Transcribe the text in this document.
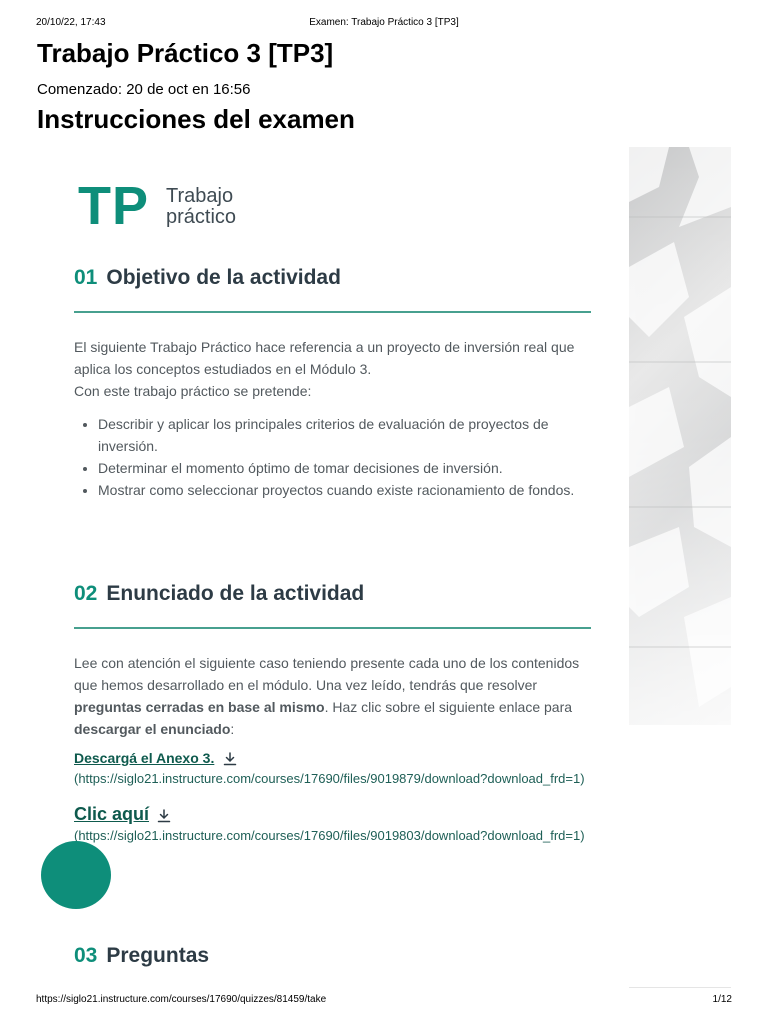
20/10/22, 17:43	Examen: Trabajo Práctico 3 [TP3]
Trabajo Práctico 3 [TP3]
Comenzado: 20 de oct en 16:56
Instrucciones del examen
TP Trabajo
práctico
01 Objetivo de la actividad
El siguiente Trabajo Práctico hace referencia a un proyecto de inversión real que aplica los conceptos estudiados en el Módulo 3.
Con este trabajo práctico se pretende:
• Describir y aplicar los principales criterios de evaluación de proyectos de inversión.
• Determinar el momento óptimo de tomar decisiones de inversión.
• Mostrar como seleccionar proyectos cuando existe racionamiento de fondos.
02 Enunciado de la actividad
Lee con atención el siguiente caso teniendo presente cada uno de los contenidos que hemos desarrollado en el módulo. Una vez leído, tendrás que resolver preguntas cerradas en base al mismo. Haz clic sobre el siguiente enlace para descargar el enunciado:
Descargá el Anexo 3.
(https://siglo21.instructure.com/courses/17690/files/9019879/download?download_frd=1)
Clic aquí
(https://siglo21.instructure.com/courses/17690/files/9019803/download?download_frd=1)
03 Preguntas
https://siglo21.instructure.com/courses/17690/quizzes/81459/take	1/12
